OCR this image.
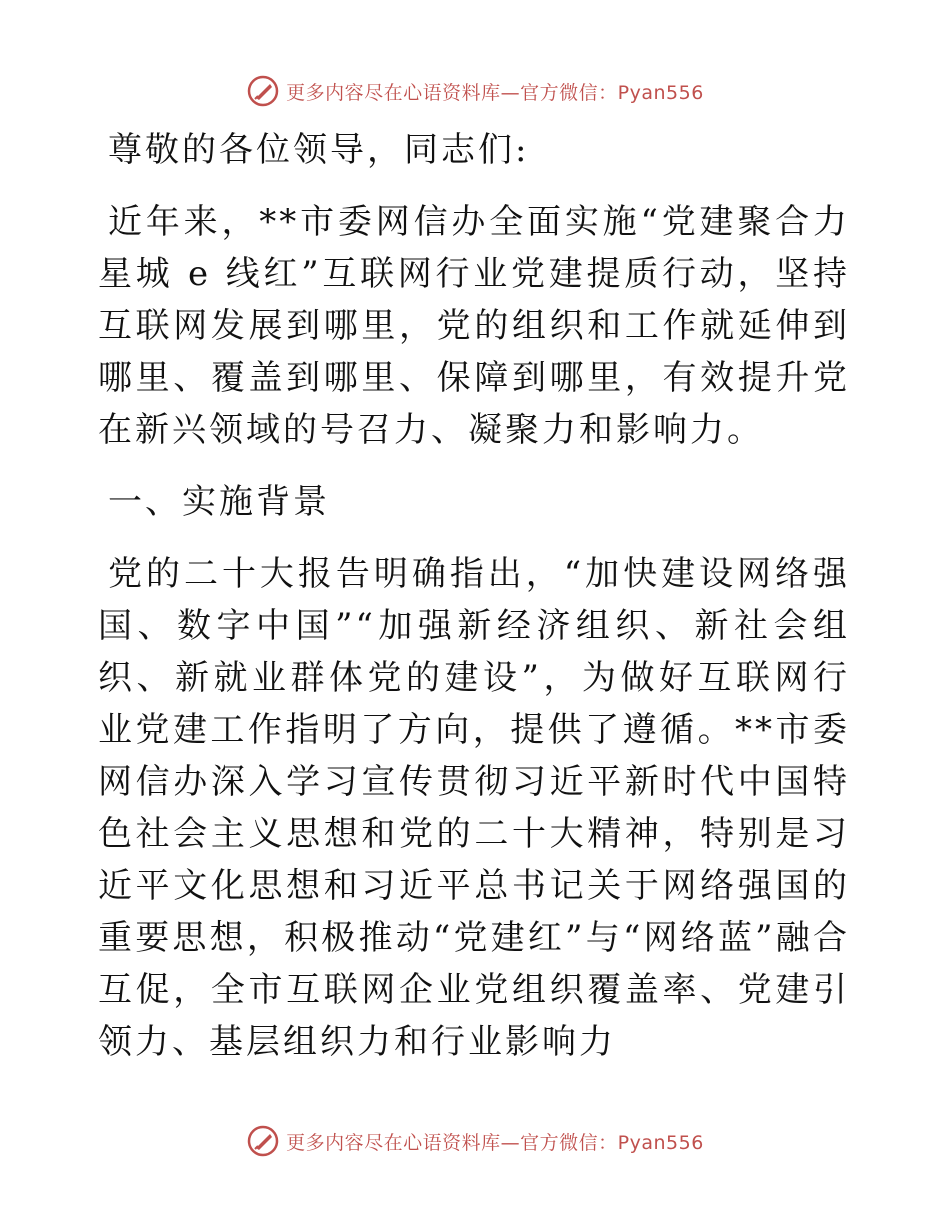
更多内容尽在心语资料库—官方微信：Pyan556

尊敬的各位领导，同志们:

近年来，**市委网信办全面实施“党建聚合力 星城 e 线红”互联网行业党建提质行动，坚持互联网发展到哪里，党的组织和工作就延伸到哪里、覆盖到哪里、保障到哪里，有效提升党在新兴领域的号召力、凝聚力和影响力。

一、实施背景

党的二十大报告明确指出，“加快建设网络强国、数字中国”“加强新经济组织、新社会组织、新就业群体党的建设”，为做好互联网行业党建工作指明了方向，提供了遵循。**市委网信办深入学习宣传贯彻习近平新时代中国特色社会主义思想和党的二十大精神，特别是习近平文化思想和习近平总书记关于网络强国的重要思想，积极推动“党建红”与“网络蓝”融合互促，全市互联网企业党组织覆盖率、党建引领力、基层组织力和行业影响力

更多内容尽在心语资料库—官方微信：Pyan556
